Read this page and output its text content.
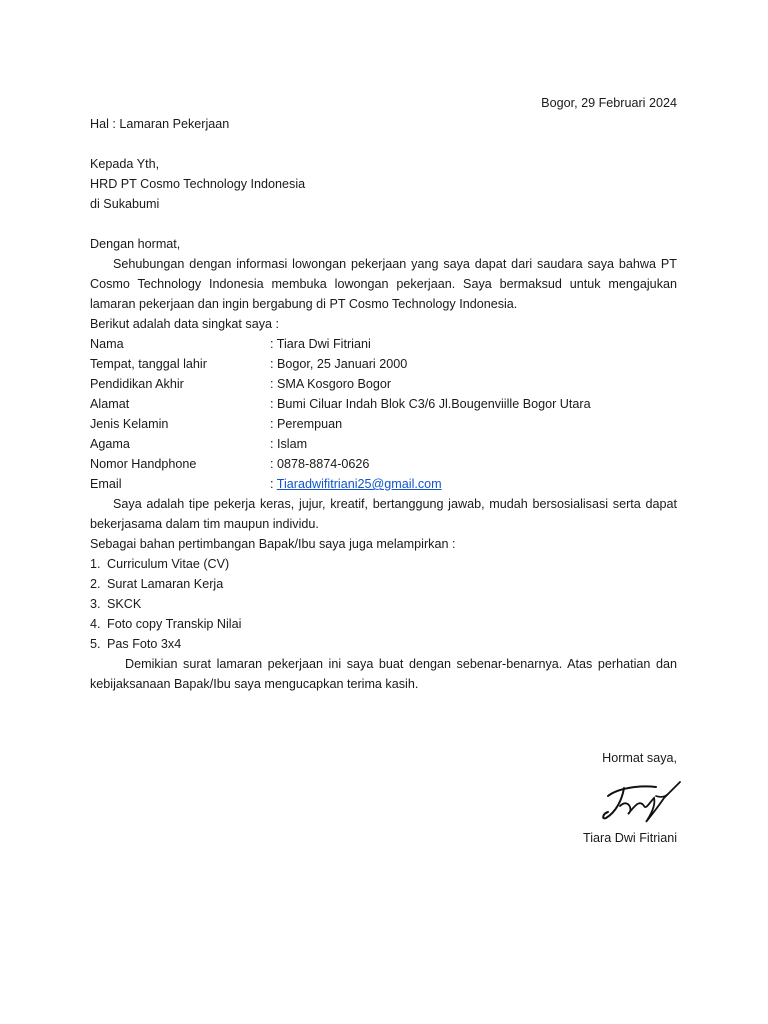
Bogor, 29 Februari 2024
Hal : Lamaran Pekerjaan
Kepada Yth,
HRD PT Cosmo Technology Indonesia
di Sukabumi
Dengan hormat,
Sehubungan dengan informasi lowongan pekerjaan yang saya dapat dari saudara saya bahwa PT Cosmo Technology Indonesia membuka lowongan pekerjaan. Saya bermaksud untuk mengajukan lamaran pekerjaan dan ingin bergabung di PT Cosmo Technology Indonesia.
Berikut adalah data singkat saya :
Nama	: Tiara Dwi Fitriani
Tempat, tanggal lahir	: Bogor, 25 Januari 2000
Pendidikan Akhir	: SMA Kosgoro Bogor
Alamat	: Bumi Ciluar Indah Blok C3/6 Jl.Bougenviille Bogor Utara
Jenis Kelamin	: Perempuan
Agama	: Islam
Nomor Handphone	: 0878-8874-0626
Email	: Tiaradwifitriani25@gmail.com
Saya adalah tipe pekerja keras, jujur, kreatif, bertanggung jawab, mudah bersosialisasi serta dapat bekerjasama dalam tim maupun individu.
Sebagai bahan pertimbangan Bapak/Ibu saya juga melampirkan :
1. Curriculum Vitae (CV)
2. Surat Lamaran Kerja
3. SKCK
4. Foto copy Transkip Nilai
5. Pas Foto 3x4
Demikian surat lamaran pekerjaan ini saya buat dengan sebenar-benarnya. Atas perhatian dan kebijaksanaan Bapak/Ibu saya mengucapkan terima kasih.
Hormat saya,
Tiara Dwi Fitriani
